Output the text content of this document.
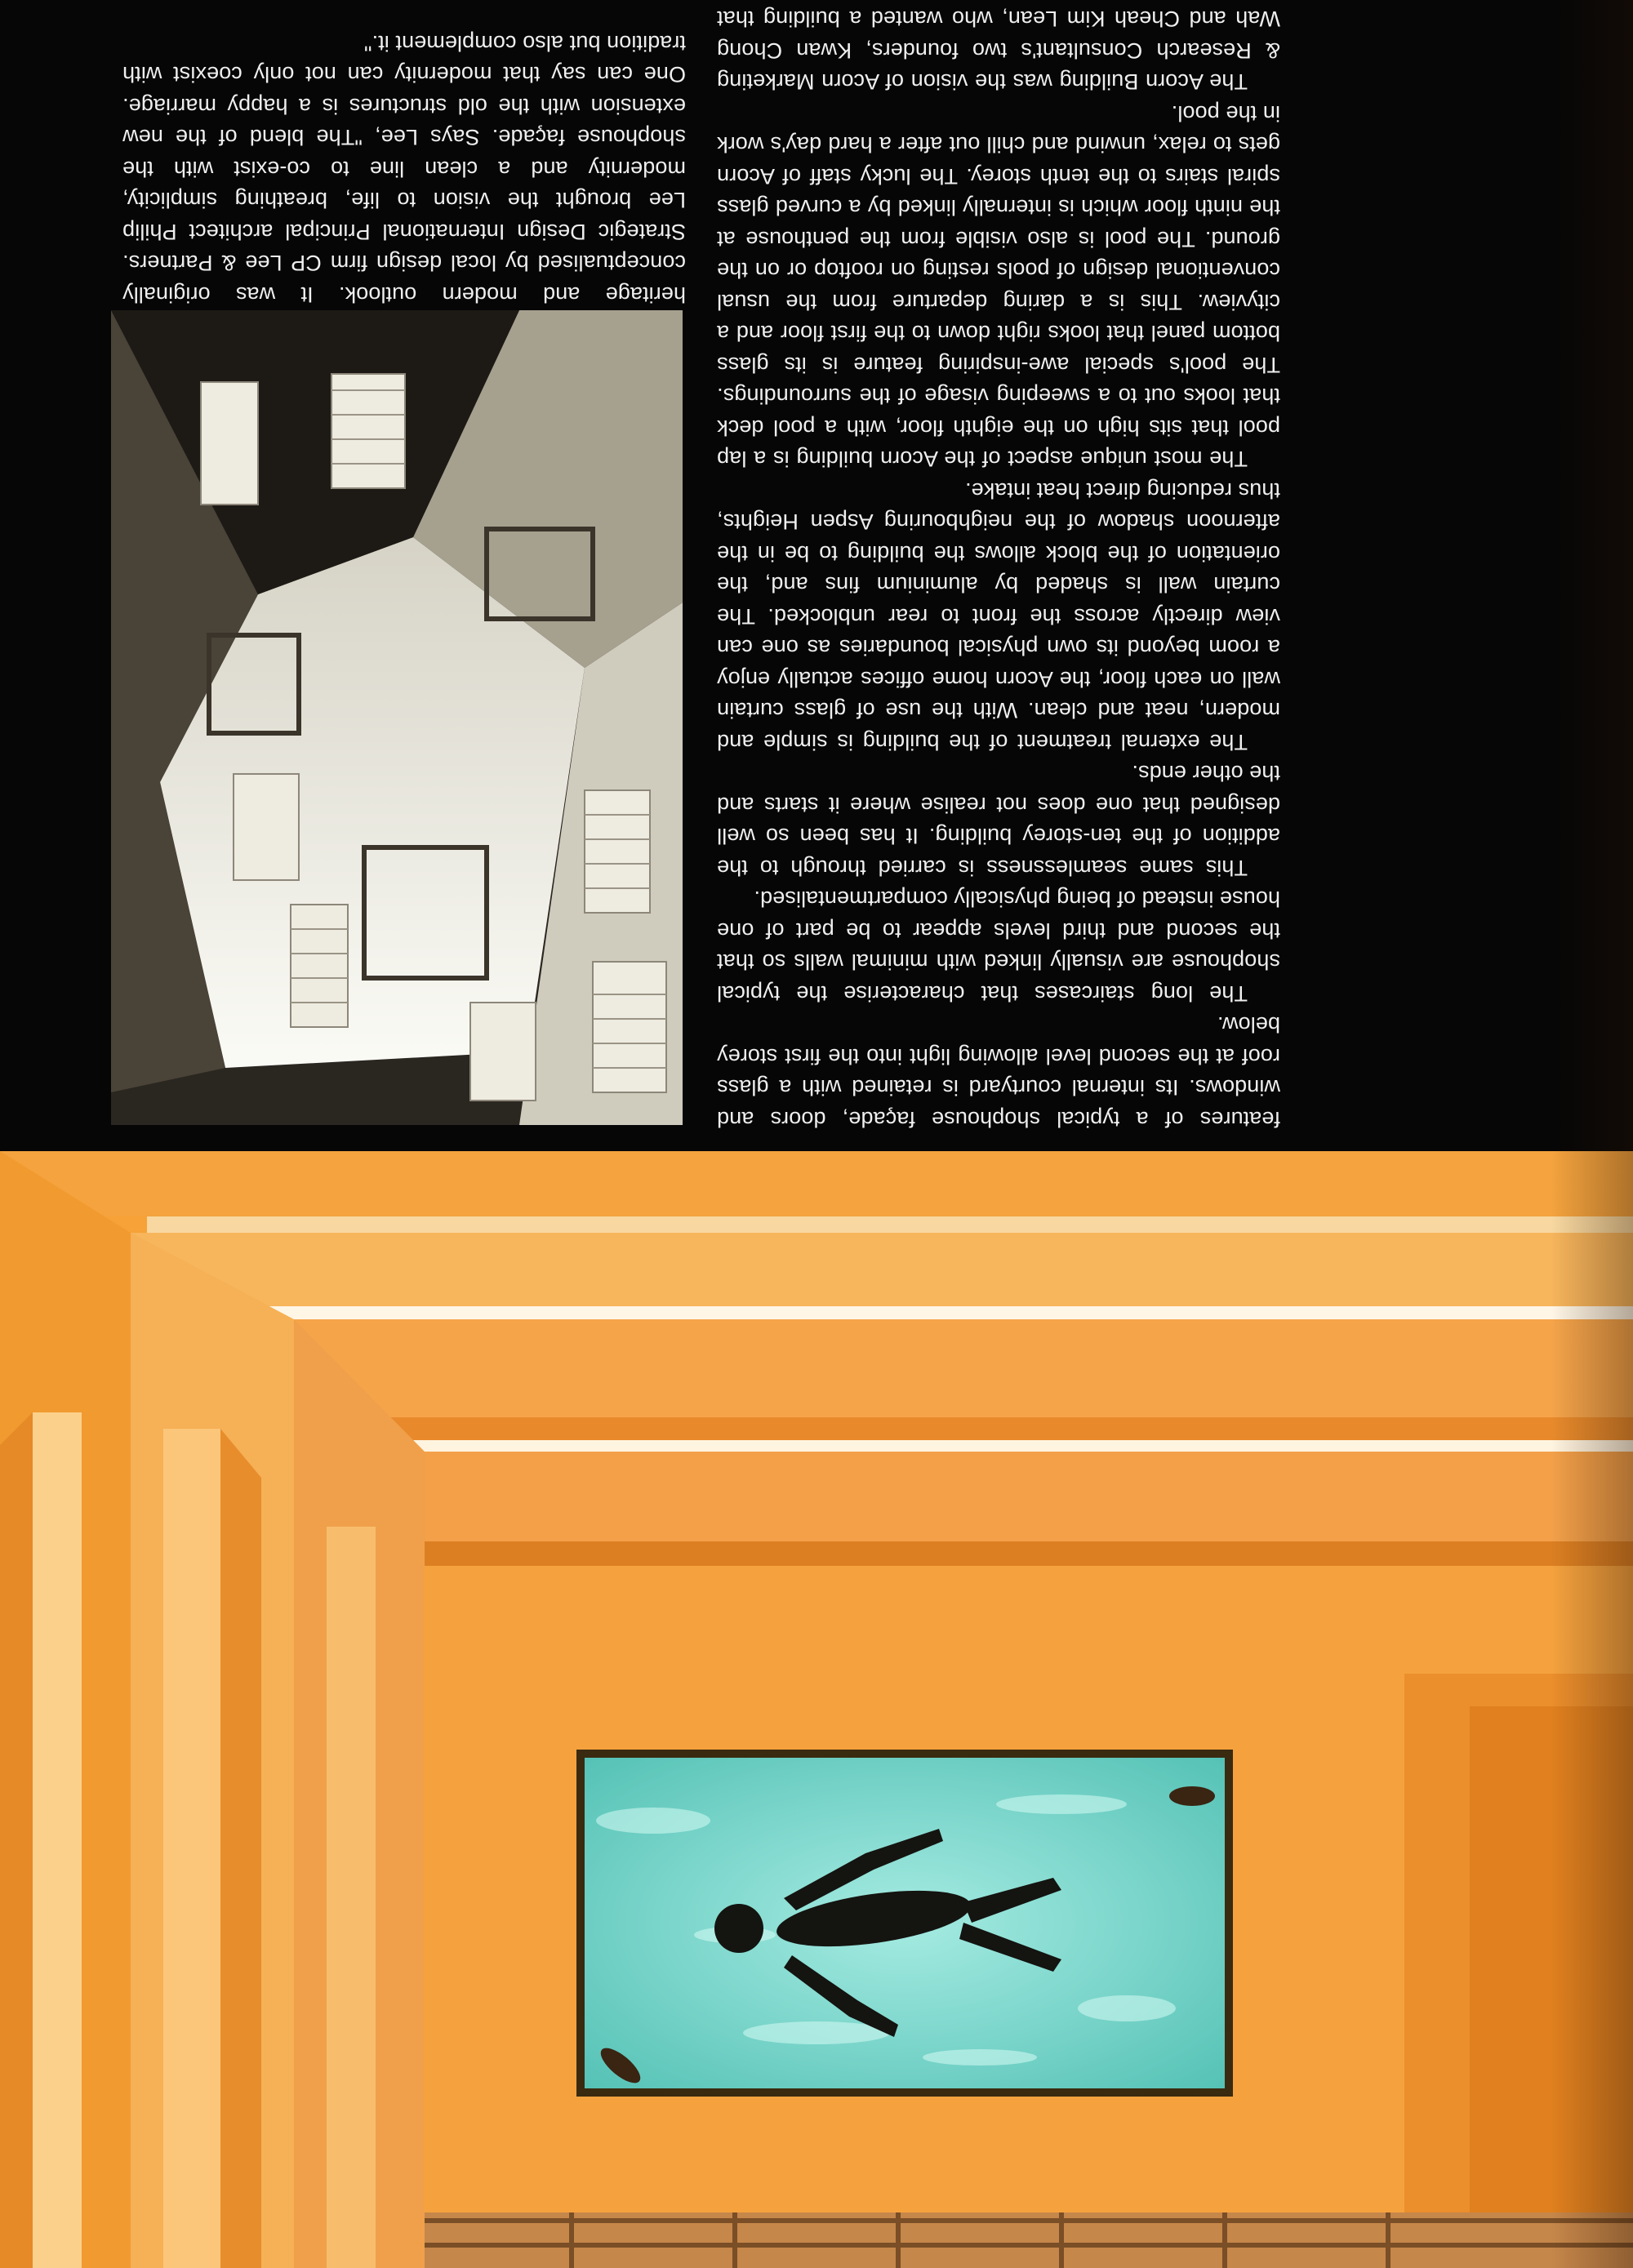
features of a typical shophouse façade, doors and windows. Its internal courtyard is retained with a glass roof at the second level allowing light into the first storey below.

The long staircases that characterise the typical shophouse are visually linked with minimal walls so that the second and third levels appear to be part of one house instead of being physically compartmentalised.

This same seamlessness is carried through to the addition of the ten-storey building. It has been so well designed that one does not realise where it starts and the other ends.

The external treatment of the building is simple and modern, neat and clean. With the use of glass curtain wall on each floor, the Acorn home offices actually enjoy a room beyond its own physical boundaries as one can view directly across the front to rear unblocked. The curtain wall is shaded by aluminium fins and, the orientation of the block allows the building to be in the afternoon shadow of the neighbouring Aspen Heights, thus reducing direct heat intake.

The most unique aspect of the Acorn building is a lap pool that sits high on the eighth floor, with a pool deck that looks out to a sweeping visage of the surroundings. The pool's special awe-inspiring feature is its glass bottom panel that looks right down to the first floor and a cityview. This is a daring departure from the usual conventional design of pools resting on rooftop or on the ground. The pool is also visible from the penthouse at the ninth floor which is internally linked by a curved glass spiral stairs to the tenth storey. The lucky staff of Acorn gets to relax, unwind and chill out after a hard day's work in the pool.

The Acorn Building was the vision of Acorn Marketing & Research Consultant's two founders, Kwan Chong Wah and Cheah Kim Lean, who wanted a building that

heritage and modern outlook. It was originally conceptualised by local design firm CP Lee & Partners. Strategic Design International Principal architect Philip Lee brought the vision to life, breathing simplicity, modernity and a clean line to co-exist with the shophouse façade. Says Lee, "The blend of the new extension with the old structures is a happy marriage. One can say that modernity can not only coexist with tradition but also complement it."
